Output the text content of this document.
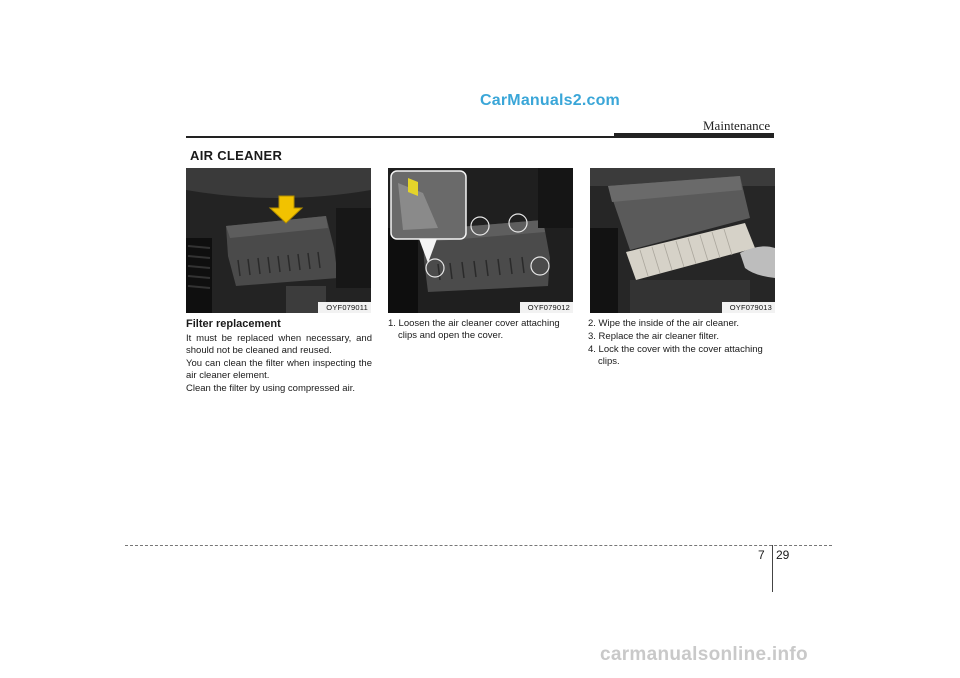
CarManuals2.com
Maintenance
AIR CLEANER
OYF079011	OYF079012	OYF079013
Filter replacement
It must be replaced when necessary, and should not be cleaned and reused.
You can clean the filter when inspecting the air cleaner element.
Clean the filter by using compressed air.
1. Loosen the air cleaner cover attaching clips and open the cover.
2. Wipe the inside of the air cleaner.
3. Replace the air cleaner filter.
4. Lock the cover with the cover attaching clips.
7 29
carmanualsonline.info
